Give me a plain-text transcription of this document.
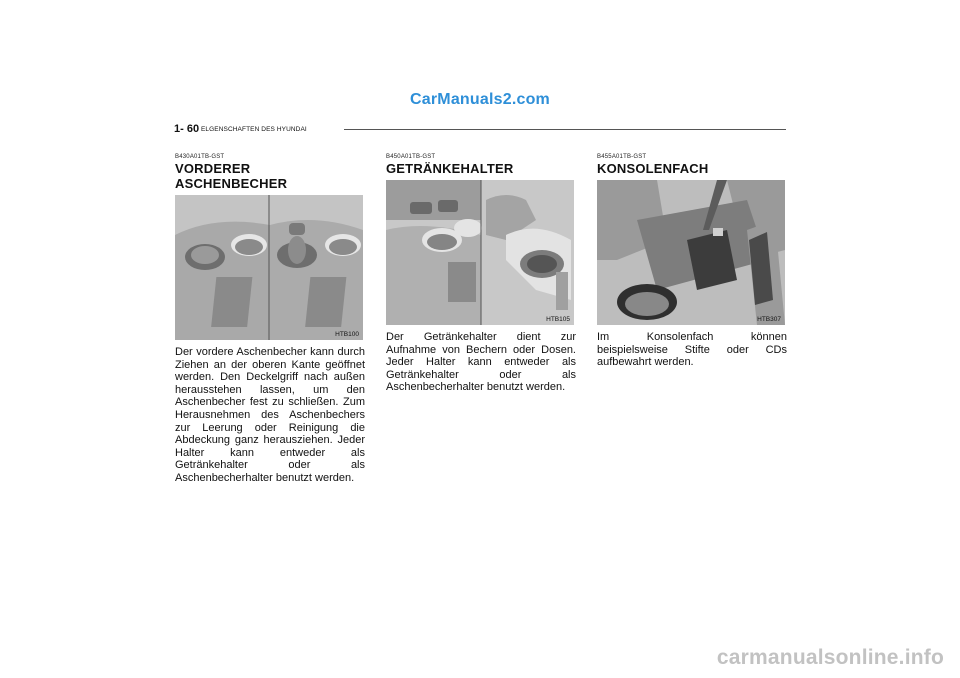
CarManuals2.com
1- 60 ELGENSCHAFTEN DES HYUNDAI
B430A01TB-GST
VORDERER ASCHENBECHER
HTB100
Der vordere Aschenbecher kann durch Ziehen an der oberen Kante geöffnet werden. Den Deckelgriff nach außen herausstehen lassen, um den Aschenbecher fest zu schließen. Zum Herausnehmen des Aschenbechers zur Leerung oder Reinigung die Abdeckung ganz herausziehen. Jeder Halter kann entweder als Getränkehalter oder als Aschenbecherhalter benutzt werden.
B450A01TB-GST
GETRÄNKEHALTER
HTB105
Der Getränkehalter dient zur Aufnahme von Bechern oder Dosen. Jeder Halter kann entweder als Getränkehalter oder als Aschenbecherhalter benutzt werden.
B455A01TB-GST
KONSOLENFACH
HTB307
Im Konsolenfach können beispielsweise Stifte oder CDs aufbewahrt werden.
carmanualsonline.info
